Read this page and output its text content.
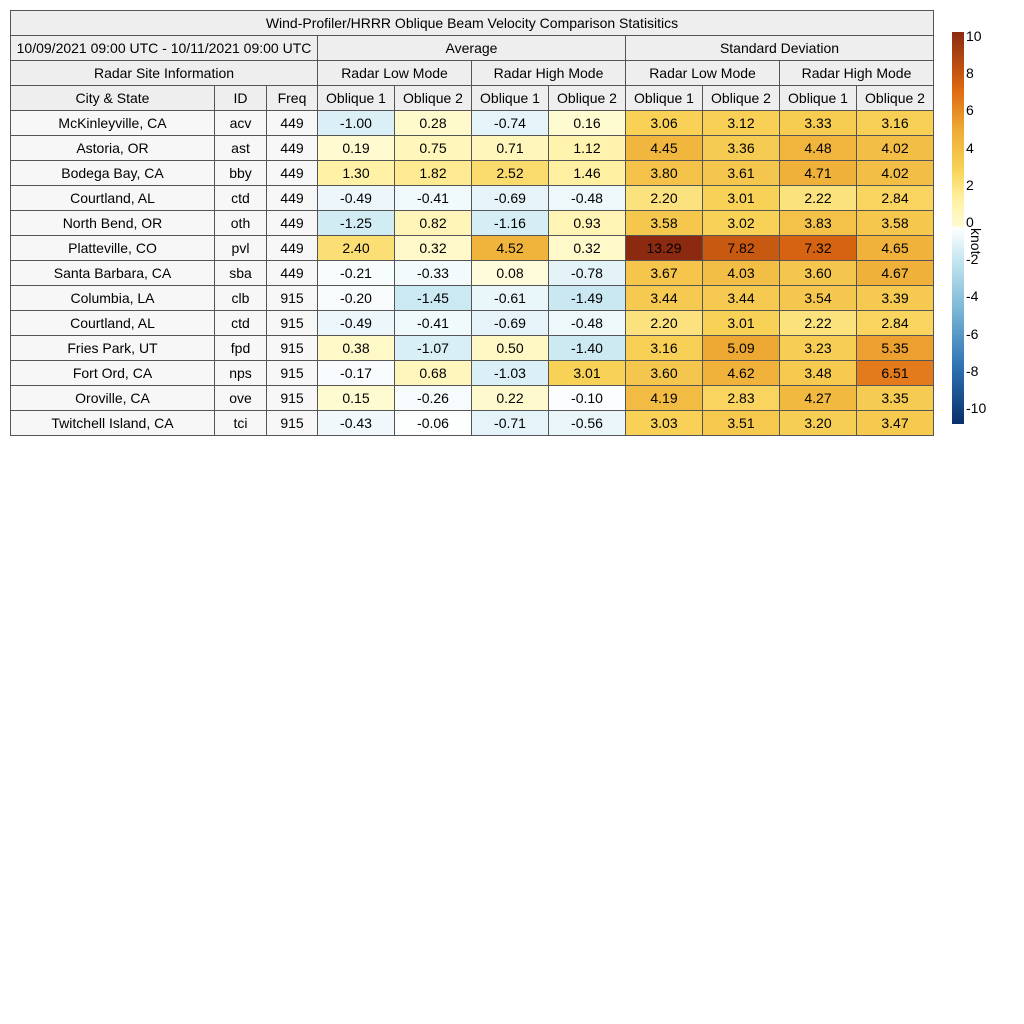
Wind-Profiler/HRRR Oblique Beam Velocity Comparison Statisitics										
10/09/2021 09:00 UTC - 10/11/2021 09:00 UTC			Average				Standard Deviation			
Radar Site Information			Radar Low Mode		Radar High Mode		Radar Low Mode		Radar High Mode	
City & State	ID	Freq	Oblique 1	Oblique 2	Oblique 1	Oblique 2	Oblique 1	Oblique 2	Oblique 1	Oblique 2
McKinleyville, CA	acv	449	-1.00	0.28	-0.74	0.16	3.06	3.12	3.33	3.16
Astoria, OR	ast	449	0.19	0.75	0.71	1.12	4.45	3.36	4.48	4.02
Bodega Bay, CA	bby	449	1.30	1.82	2.52	1.46	3.80	3.61	4.71	4.02
Courtland, AL	ctd	449	-0.49	-0.41	-0.69	-0.48	2.20	3.01	2.22	2.84
North Bend, OR	oth	449	-1.25	0.82	-1.16	0.93	3.58	3.02	3.83	3.58
Platteville, CO	pvl	449	2.40	0.32	4.52	0.32	13.29	7.82	7.32	4.65
Santa Barbara, CA	sba	449	-0.21	-0.33	0.08	-0.78	3.67	4.03	3.60	4.67
Columbia, LA	clb	915	-0.20	-1.45	-0.61	-1.49	3.44	3.44	3.54	3.39
Courtland, AL	ctd	915	-0.49	-0.41	-0.69	-0.48	2.20	3.01	2.22	2.84
Fries Park, UT	fpd	915	0.38	-1.07	0.50	-1.40	3.16	5.09	3.23	5.35
Fort Ord, CA	nps	915	-0.17	0.68	-1.03	3.01	3.60	4.62	3.48	6.51
Oroville, CA	ove	915	0.15	-0.26	0.22	-0.10	4.19	2.83	4.27	3.35
Twitchell Island, CA	tci	915	-0.43	-0.06	-0.71	-0.56	3.03	3.51	3.20	3.47
10
8
6
4
2
0
-2
-4
-6
-8
-10
knot
